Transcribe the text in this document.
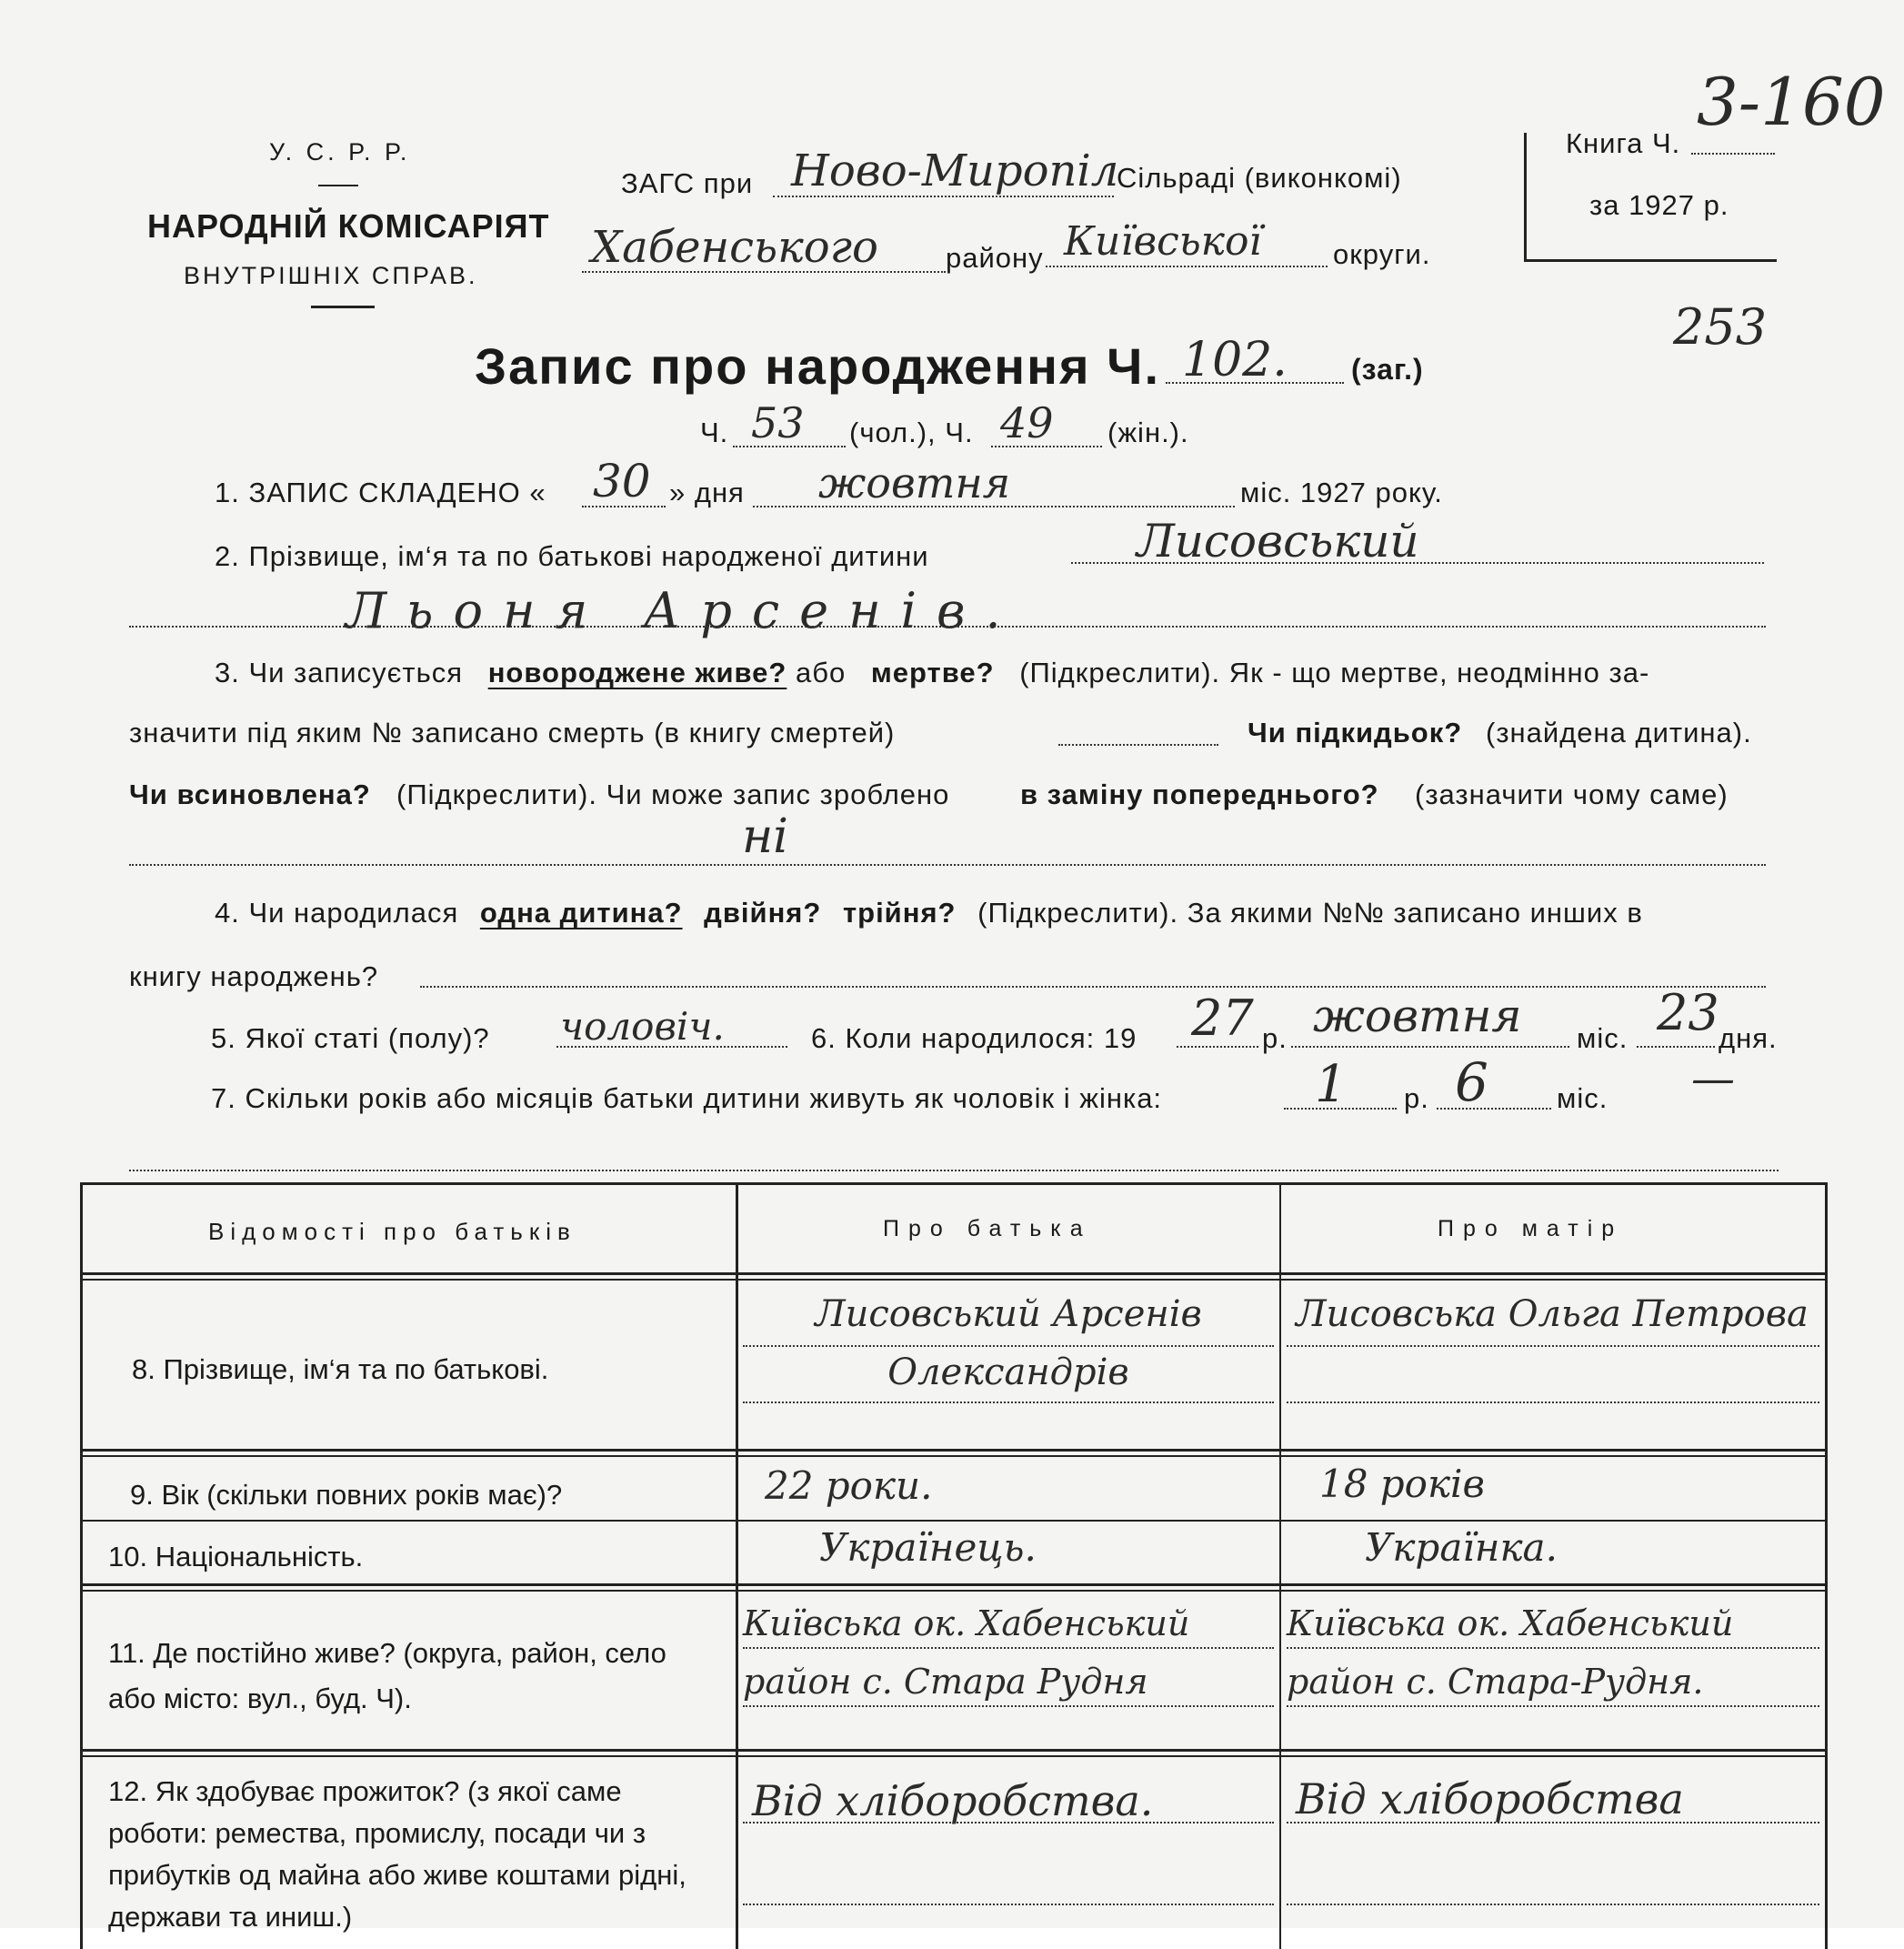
У. С. Р. Р.
НАРОДНІЙ КОМІСАРІЯТ
ВНУТРІШНІХ СПРАВ.
ЗАГС при Ново-Миропіл
Сільраді (виконкомі)
Хабенського району Київської	округи.
Книга Ч.
3-160
за 1927 р.
253
Запис про народження Ч. 102. (заг.)
Ч. 53 (чол.), Ч. 49 (жін.).
1. ЗАПИС СКЛАДЕНО « 30 » дня жовтня	міс. 1927 року.
2. Прізвище, ім‘я та по батькові народженої дитини	Лисовський
Льоня Арсенів.
3. Чи записується новороджене живе? або мертве? (Підкреслити). Як - що мертве, неодмінно за-
значити під яким № записано смерть (в книгу смертей)	Чи підкидьок? (знайдена дитина).
Чи всиновлена? (Підкреслити). Чи може запис зроблено	в заміну попереднього? (зазначити чому саме)
ні
4. Чи народилася одна дитина? двійня? трійня? (Підкреслити). За якими №№ записано инших в
книгу народжень?
5. Якої статі (полу)? чоловіч.	6. Коли народилося: 19 27 р. жовтня міс. 23 дня.
7. Скільки років або місяців батьки дитини живуть як чоловік і жінка:	1 р. 6 міс. —
Відомості про батьків	Про батька	Про матір
8. Прізвище, ім‘я та по батькові.
Лисовський Арсенів Олександрів
Лисовська Ольга Петрова
9. Вік (скільки повних років має)?	22 роки.	18 років
10. Національність.	Українець.	Українка.
11. Де постійно живе? (округа, район, село або місто: вул., буд. Ч).
Київська ок. Хабенський район с. Стара Рудня
Київська ок. Хабенський район с. Стара-Рудня.
12. Як здобуває прожиток? (з якої саме роботи: ремества, промислу, посади чи з прибутків од майна або живе коштами рідні, держави та иниш.)
Від хліборобства.	Від хліборобства
